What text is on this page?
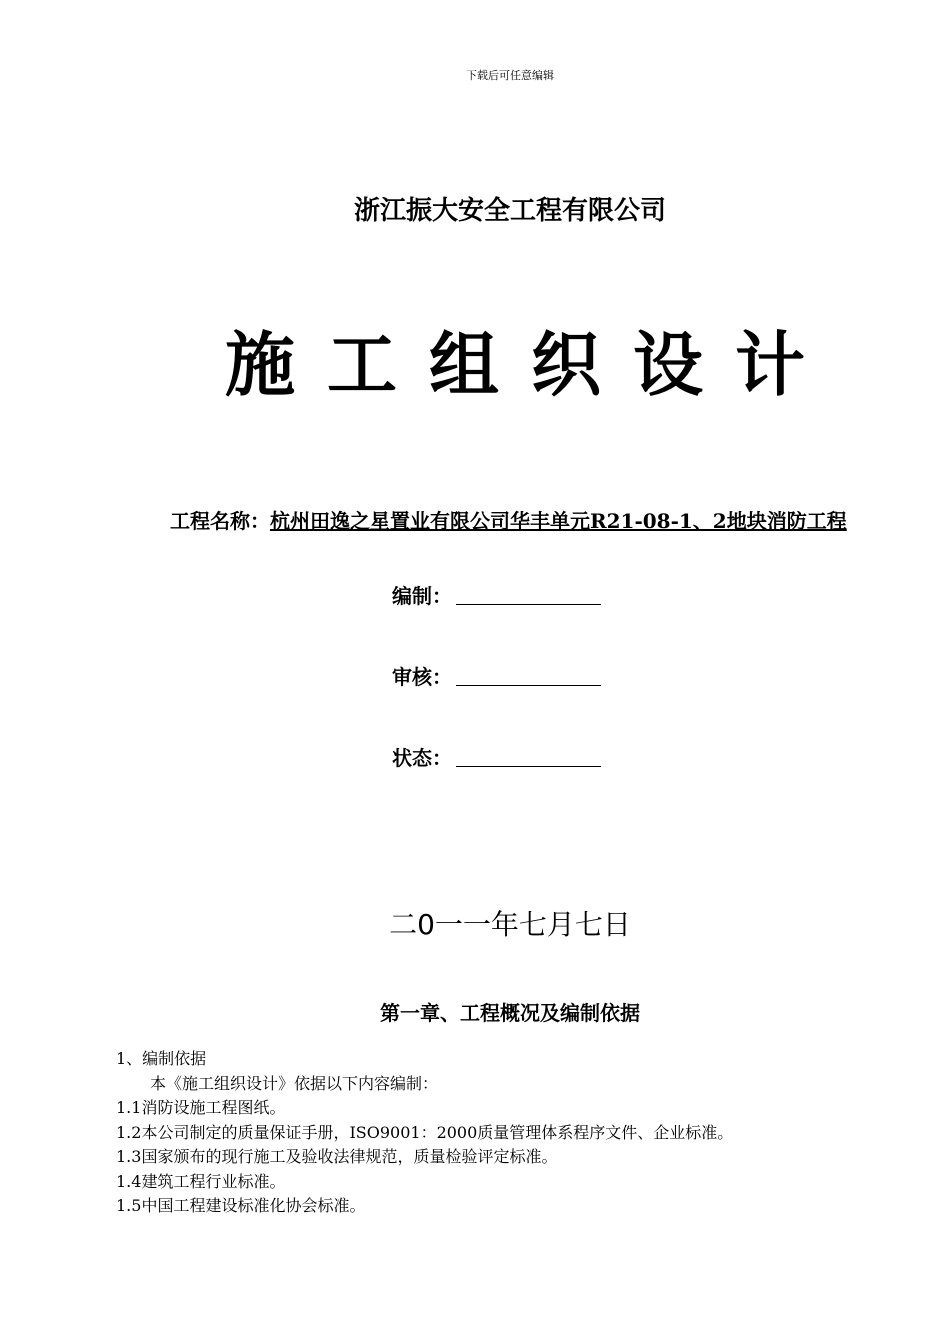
下载后可任意编辑
浙江振大安全工程有限公司
施 工 组 织 设 计
工程名称：杭州田逸之星置业有限公司华丰单元R21-08-1、2地块消防工程
编制：
审核：
状态：
二0一一年七月七日
第一章、工程概况及编制依据

1、编制依据

本《施工组织设计》依据以下内容编制：

1.1消防设施工程图纸。

1.2本公司制定的质量保证手册，ISO9001：2000质量管理体系程序文件、企业标准。

1.3国家颁布的现行施工及验收法律规范，质量检验评定标准。

1.4建筑工程行业标准。

1.5中国工程建设标准化协会标准。
